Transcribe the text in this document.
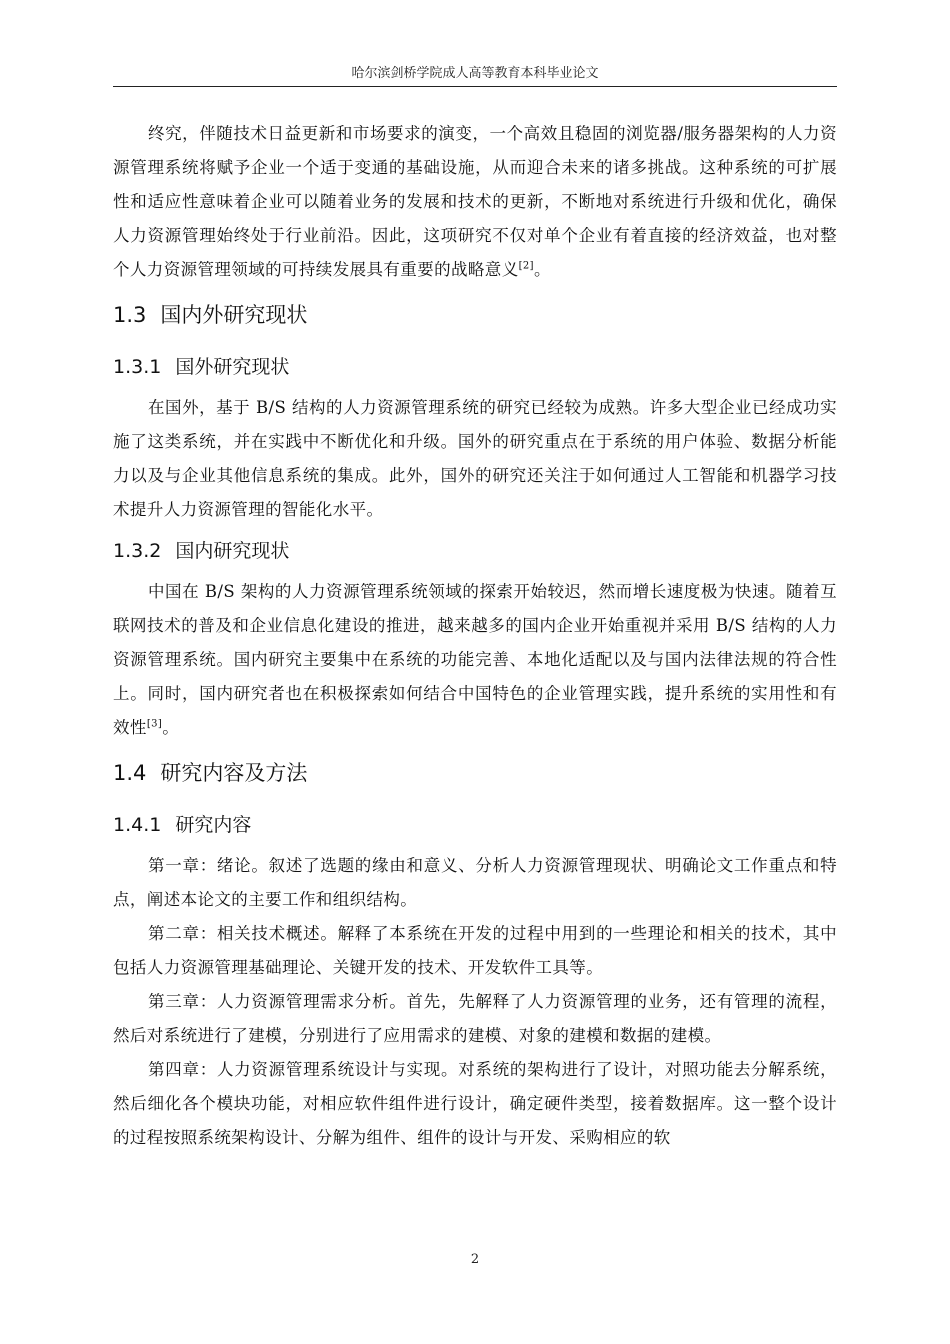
哈尔滨剑桥学院成人高等教育本科毕业论文

终究，伴随技术日益更新和市场要求的演变，一个高效且稳固的浏览器/服务器架构的人力资源管理系统将赋予企业一个适于变通的基础设施，从而迎合未来的诸多挑战。这种系统的可扩展性和适应性意味着企业可以随着业务的发展和技术的更新，不断地对系统进行升级和优化，确保人力资源管理始终处于行业前沿。因此，这项研究不仅对单个企业有着直接的经济效益，也对整个人力资源管理领域的可持续发展具有重要的战略意义[2]。

1.3 国内外研究现状
1.3.1 国外研究现状

在国外，基于 B/S 结构的人力资源管理系统的研究已经较为成熟。许多大型企业已经成功实施了这类系统，并在实践中不断优化和升级。国外的研究重点在于系统的用户体验、数据分析能力以及与企业其他信息系统的集成。此外，国外的研究还关注于如何通过人工智能和机器学习技术提升人力资源管理的智能化水平。

1.3.2 国内研究现状

中国在 B/S 架构的人力资源管理系统领域的探索开始较迟，然而增长速度极为快速。随着互联网技术的普及和企业信息化建设的推进，越来越多的国内企业开始重视并采用 B/S 结构的人力资源管理系统。国内研究主要集中在系统的功能完善、本地化适配以及与国内法律法规的符合性上。同时，国内研究者也在积极探索如何结合中国特色的企业管理实践，提升系统的实用性和有效性[3]。

1.4 研究内容及方法
1.4.1 研究内容

第一章：绪论。叙述了选题的缘由和意义、分析人力资源管理现状、明确论文工作重点和特点，阐述本论文的主要工作和组织结构。

第二章：相关技术概述。解释了本系统在开发的过程中用到的一些理论和相关的技术，其中包括人力资源管理基础理论、关键开发的技术、开发软件工具等。

第三章：人力资源管理需求分析。首先，先解释了人力资源管理的业务，还有管理的流程，然后对系统进行了建模，分别进行了应用需求的建模、对象的建模和数据的建模。

第四章：人力资源管理系统设计与实现。对系统的架构进行了设计，对照功能去分解系统，然后细化各个模块功能，对相应软件组件进行设计，确定硬件类型，接着数据库。这一整个设计的过程按照系统架构设计、分解为组件、组件的设计与开发、采购相应的软

2
